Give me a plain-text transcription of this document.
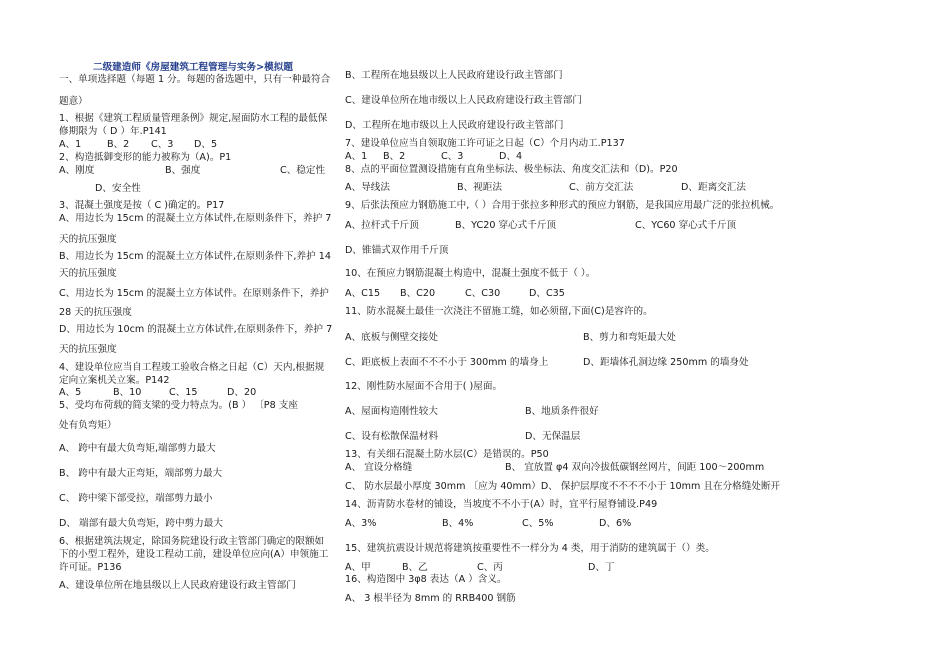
二级建造师《房屋建筑工程管理与实务>模拟题
一、单项选择题（每题 1 分。每题的备选题中，只有一种最符合
题意）
1、根据《建筑工程质量管理条例》规定,屋面防水工程的最低保
修期限为（ D ）年.P141
A、1	B、2	C、3	D、5
2、构造抵御变形的能力被称为（A)。P1
A、刚度	B、强度	C、稳定性
D、安全性
3、混凝土强度是按（ C )确定的。P17
A、用边长为 15cm 的混凝土立方体试件,在原则条件下，养护 7
天的抗压强度
B、用边长为 15cm 的混凝土立方体试件,在原则条件下,养护 14
天的抗压强度
C、用边长为 15cm 的混凝土立方体试件。在原则条件下，养护
28 天的抗压强度
D、用边长为 10cm 的混凝土立方体试件,在原则条件下，养护 7
天的抗压强度
4、建设单位应当自工程竣工验收合格之日起（C）天内,根据规
定向立案机关立案。P142
A、5	B、10	C、15	D、20
5、受均布荷载的简支梁的受力特点为。(B ） 〔P8 支座
处有负弯矩）
A、 跨中有最大负弯矩,端部剪力最大
B、 跨中有最大正弯矩，端部剪力最大
C、 跨中梁下部受拉，端部剪力最小
D、 端部有最大负弯矩，跨中剪力最大
6、根据建筑法规定，除国务院建设行政主管部门确定的限额如
下的小型工程外，建设工程动工前，建设单位应向(A）申领施工
许可证。P136
A、建设单位所在地县级以上人民政府建设行政主管部门
B、工程所在地县级以上人民政府建设行政主管部门
C、建设单位所在地市级以上人民政府建设行政主管部门
D、工程所在地市级以上人民政府建设行政主管部门
7、建设单位应当自领取施工许可证之日起（C）个月内动工.P137
A、1	B、2	C、3	D、4
8、点的平面位置测设措施有直角坐标法、极坐标法、角度交汇法和（D)。P20
A、导线法	B、视距法	C、前方交汇法	D、距离交汇法
9、后张法预应力钢筋施工中,（ ）合用于张拉多种形式的预应力钢筋，是我国应用最广泛的张拉机械。
A、拉杆式千斤顶	B、YC20 穿心式千斤顶	C、YC60 穿心式千斤顶
D、锥锚式双作用千斤顶
10、在预应力钢筋混凝土构造中，混凝土强度不低于（ ）。
A、C15	B、C20	C、C30	D、C35
11、防水混凝土最佳一次浇注不留施工缝，如必须留,下面(C)是容许的。
A、底板与侧壁交接处	B、剪力和弯矩最大处
C、距底板上表面不不不小于 300mm 的墙身上	D、距墙体孔洞边缘 250mm 的墙身处
12、刚性防水屋面不合用于( )屋面。
A、屋面构造刚性较大	B、地质条件很好
C、设有松散保温材料	D、无保温层
13、有关细石混凝土防水层(C）是错误的。P50
A、 宜设分格缝	B、 宜放置 φ4 双向冷拔低碳钢丝网片，间距 100～200mm
C、 防水层最小厚度 30mm 〔应为 40mm） D、 保护层厚度不不不不小于 10mm 且在分格缝处断开
14、沥青防水卷材的铺设，当坡度不不小于(A）时，宜平行屋脊铺设.P49
A、3%	B、4%	C、5%	D、6%
15、建筑抗震设计规范将建筑按重要性不一样分为 4 类，用于消防的建筑属于（）类。
A、甲	B、乙	C、丙	D、丁
16、构造图中 3φ8 表达（A ）含义。
A、 3 根半径为 8mm 的 RRB400 钢筋
